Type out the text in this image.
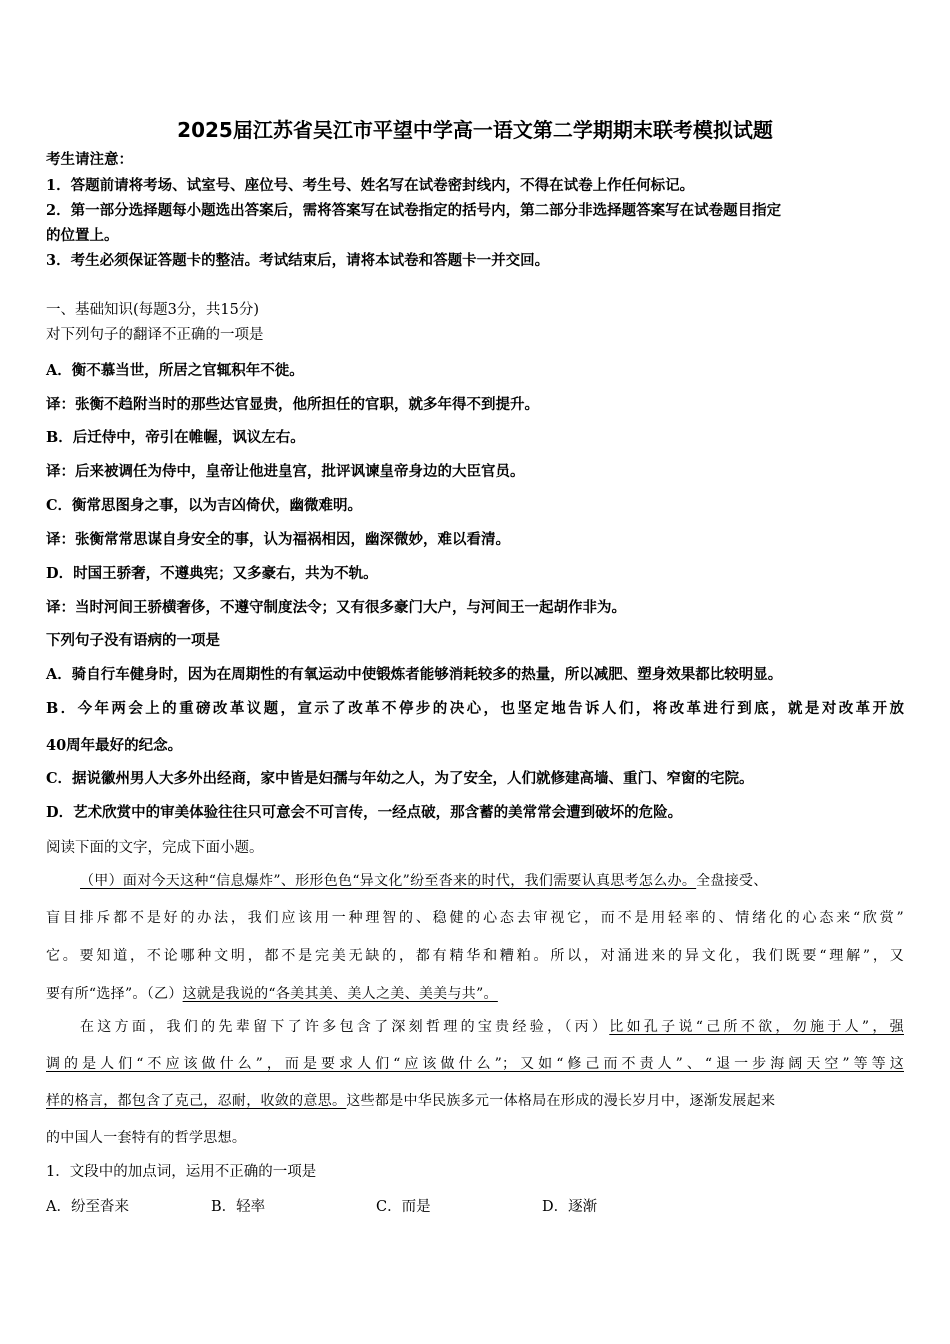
2025届江苏省吴江市平望中学高一语文第二学期期末联考模拟试题
考生请注意：
1．答题前请将考场、试室号、座位号、考生号、姓名写在试卷密封线内，不得在试卷上作任何标记。
2．第一部分选择题每小题选出答案后，需将答案写在试卷指定的括号内，第二部分非选择题答案写在试卷题目指定
的位置上。
3．考生必须保证答题卡的整洁。考试结束后，请将本试卷和答题卡一并交回。
一、基础知识(每题3分，共15分)
对下列句子的翻译不正确的一项是
A．衡不慕当世，所居之官辄积年不徙。
译：张衡不趋附当时的那些达官显贵，他所担任的官职，就多年得不到提升。
B．后迁侍中，帝引在帷幄，讽议左右。
译：后来被调任为侍中，皇帝让他进皇宫，批评讽谏皇帝身边的大臣官员。
C．衡常思图身之事，以为吉凶倚伏，幽微难明。
译：张衡常常思谋自身安全的事，认为福祸相因，幽深微妙，难以看清。
D．时国王骄奢，不遵典宪；又多豪右，共为不轨。
译：当时河间王骄横奢侈，不遵守制度法令；又有很多豪门大户，与河间王一起胡作非为。
下列句子没有语病的一项是
A．骑自行车健身时，因为在周期性的有氧运动中使锻炼者能够消耗较多的热量，所以减肥、塑身效果都比较明显。
B．今年两会上的重磅改革议题，宣示了改革不停步的决心，也坚定地告诉人们，将改革进行到底，就是对改革开放
40周年最好的纪念。
C．据说徽州男人大多外出经商，家中皆是妇孺与年幼之人，为了安全，人们就修建高墙、重门、窄窗的宅院。
D．艺术欣赏中的审美体验往往只可意会不可言传，一经点破，那含蓄的美常常会遭到破坏的危险。
阅读下面的文字，完成下面小题。
（甲）面对今天这种“信息爆炸”、形形色色“异文化”纷至沓来的时代，我们需要认真思考怎么办。全盘接受、
盲目排斥都不是好的办法，我们应该用一种理智的、稳健的心态去审视它，而不是用轻率的、情绪化的心态来“欣赏”
它。要知道，不论哪种文明，都不是完美无缺的，都有精华和糟粕。所以，对涌进来的异文化，我们既要“理解”，又
要有所“选择”。（乙）这就是我说的“各美其美、美人之美、美美与共”。
在这方面，我们的先辈留下了许多包含了深刻哲理的宝贵经验，（丙）比如孔子说“己所不欲，勿施于人”，强
调的是人们“不应该做什么”，而是要求人们“应该做什么”；又如“修己而不责人”、“退一步海阔天空”等等这
样的格言，都包含了克己，忍耐，收敛的意思。这些都是中华民族多元一体格局在形成的漫长岁月中，逐渐发展起来
的中国人一套特有的哲学思想。
1．文段中的加点词，运用不正确的一项是
A．纷至沓来	B．轻率	C．而是	D．逐渐
